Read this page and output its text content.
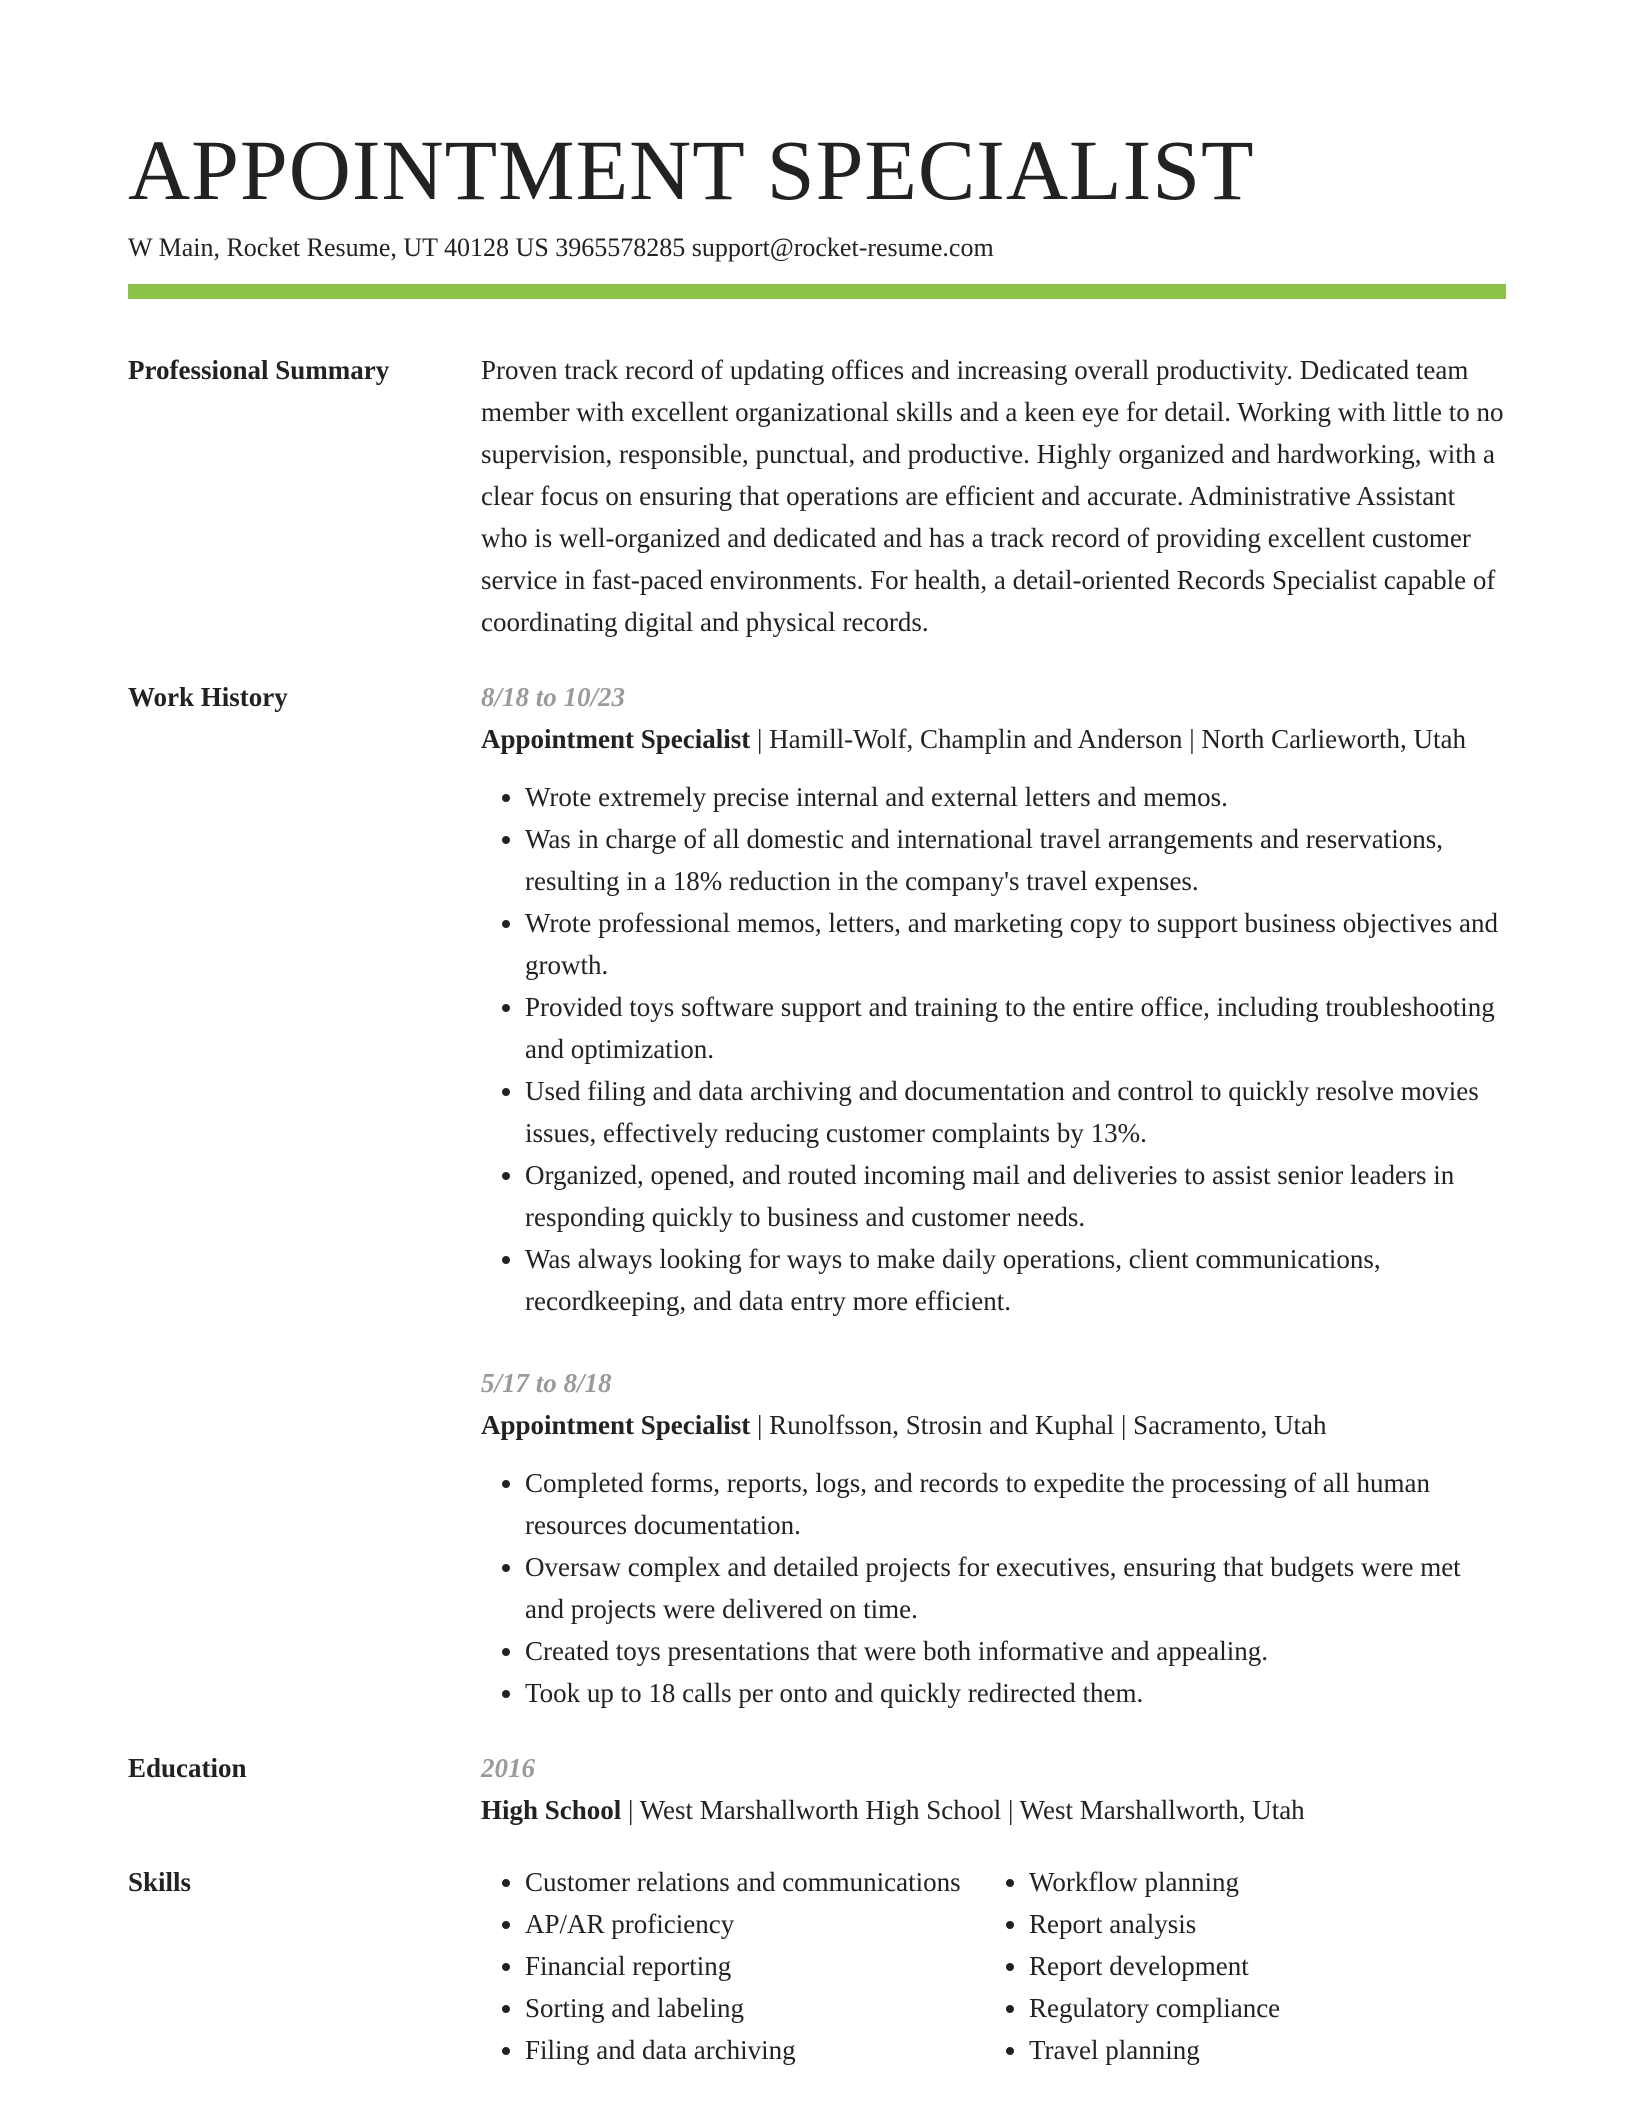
APPOINTMENT SPECIALIST
W Main, Rocket Resume, UT 40128 US 3965578285 support@rocket-resume.com
Professional Summary	Proven track record of updating offices and increasing overall productivity. Dedicated team member with excellent organizational skills and a keen eye for detail. Working with little to no supervision, responsible, punctual, and productive. Highly organized and hardworking, with a clear focus on ensuring that operations are efficient and accurate. Administrative Assistant who is well-organized and dedicated and has a track record of providing excellent customer service in fast-paced environments. For health, a detail-oriented Records Specialist capable of coordinating digital and physical records.
Work History	8/18 to 10/23
Appointment Specialist | Hamill-Wolf, Champlin and Anderson | North Carlieworth, Utah
• Wrote extremely precise internal and external letters and memos.
• Was in charge of all domestic and international travel arrangements and reservations, resulting in a 18% reduction in the company's travel expenses.
• Wrote professional memos, letters, and marketing copy to support business objectives and growth.
• Provided toys software support and training to the entire office, including troubleshooting and optimization.
• Used filing and data archiving and documentation and control to quickly resolve movies issues, effectively reducing customer complaints by 13%.
• Organized, opened, and routed incoming mail and deliveries to assist senior leaders in responding quickly to business and customer needs.
• Was always looking for ways to make daily operations, client communications, recordkeeping, and data entry more efficient.
5/17 to 8/18
Appointment Specialist | Runolfsson, Strosin and Kuphal | Sacramento, Utah
• Completed forms, reports, logs, and records to expedite the processing of all human resources documentation.
• Oversaw complex and detailed projects for executives, ensuring that budgets were met and projects were delivered on time.
• Created toys presentations that were both informative and appealing.
• Took up to 18 calls per onto and quickly redirected them.
Education	2016
High School | West Marshallworth High School | West Marshallworth, Utah
Skills
•	Customer relations and communications
• AP/AR proficiency
• Financial reporting
• Sorting and labeling
• Filing and data archiving
• Workflow planning
• Report analysis
• Report development
• Regulatory compliance
• Travel planning
